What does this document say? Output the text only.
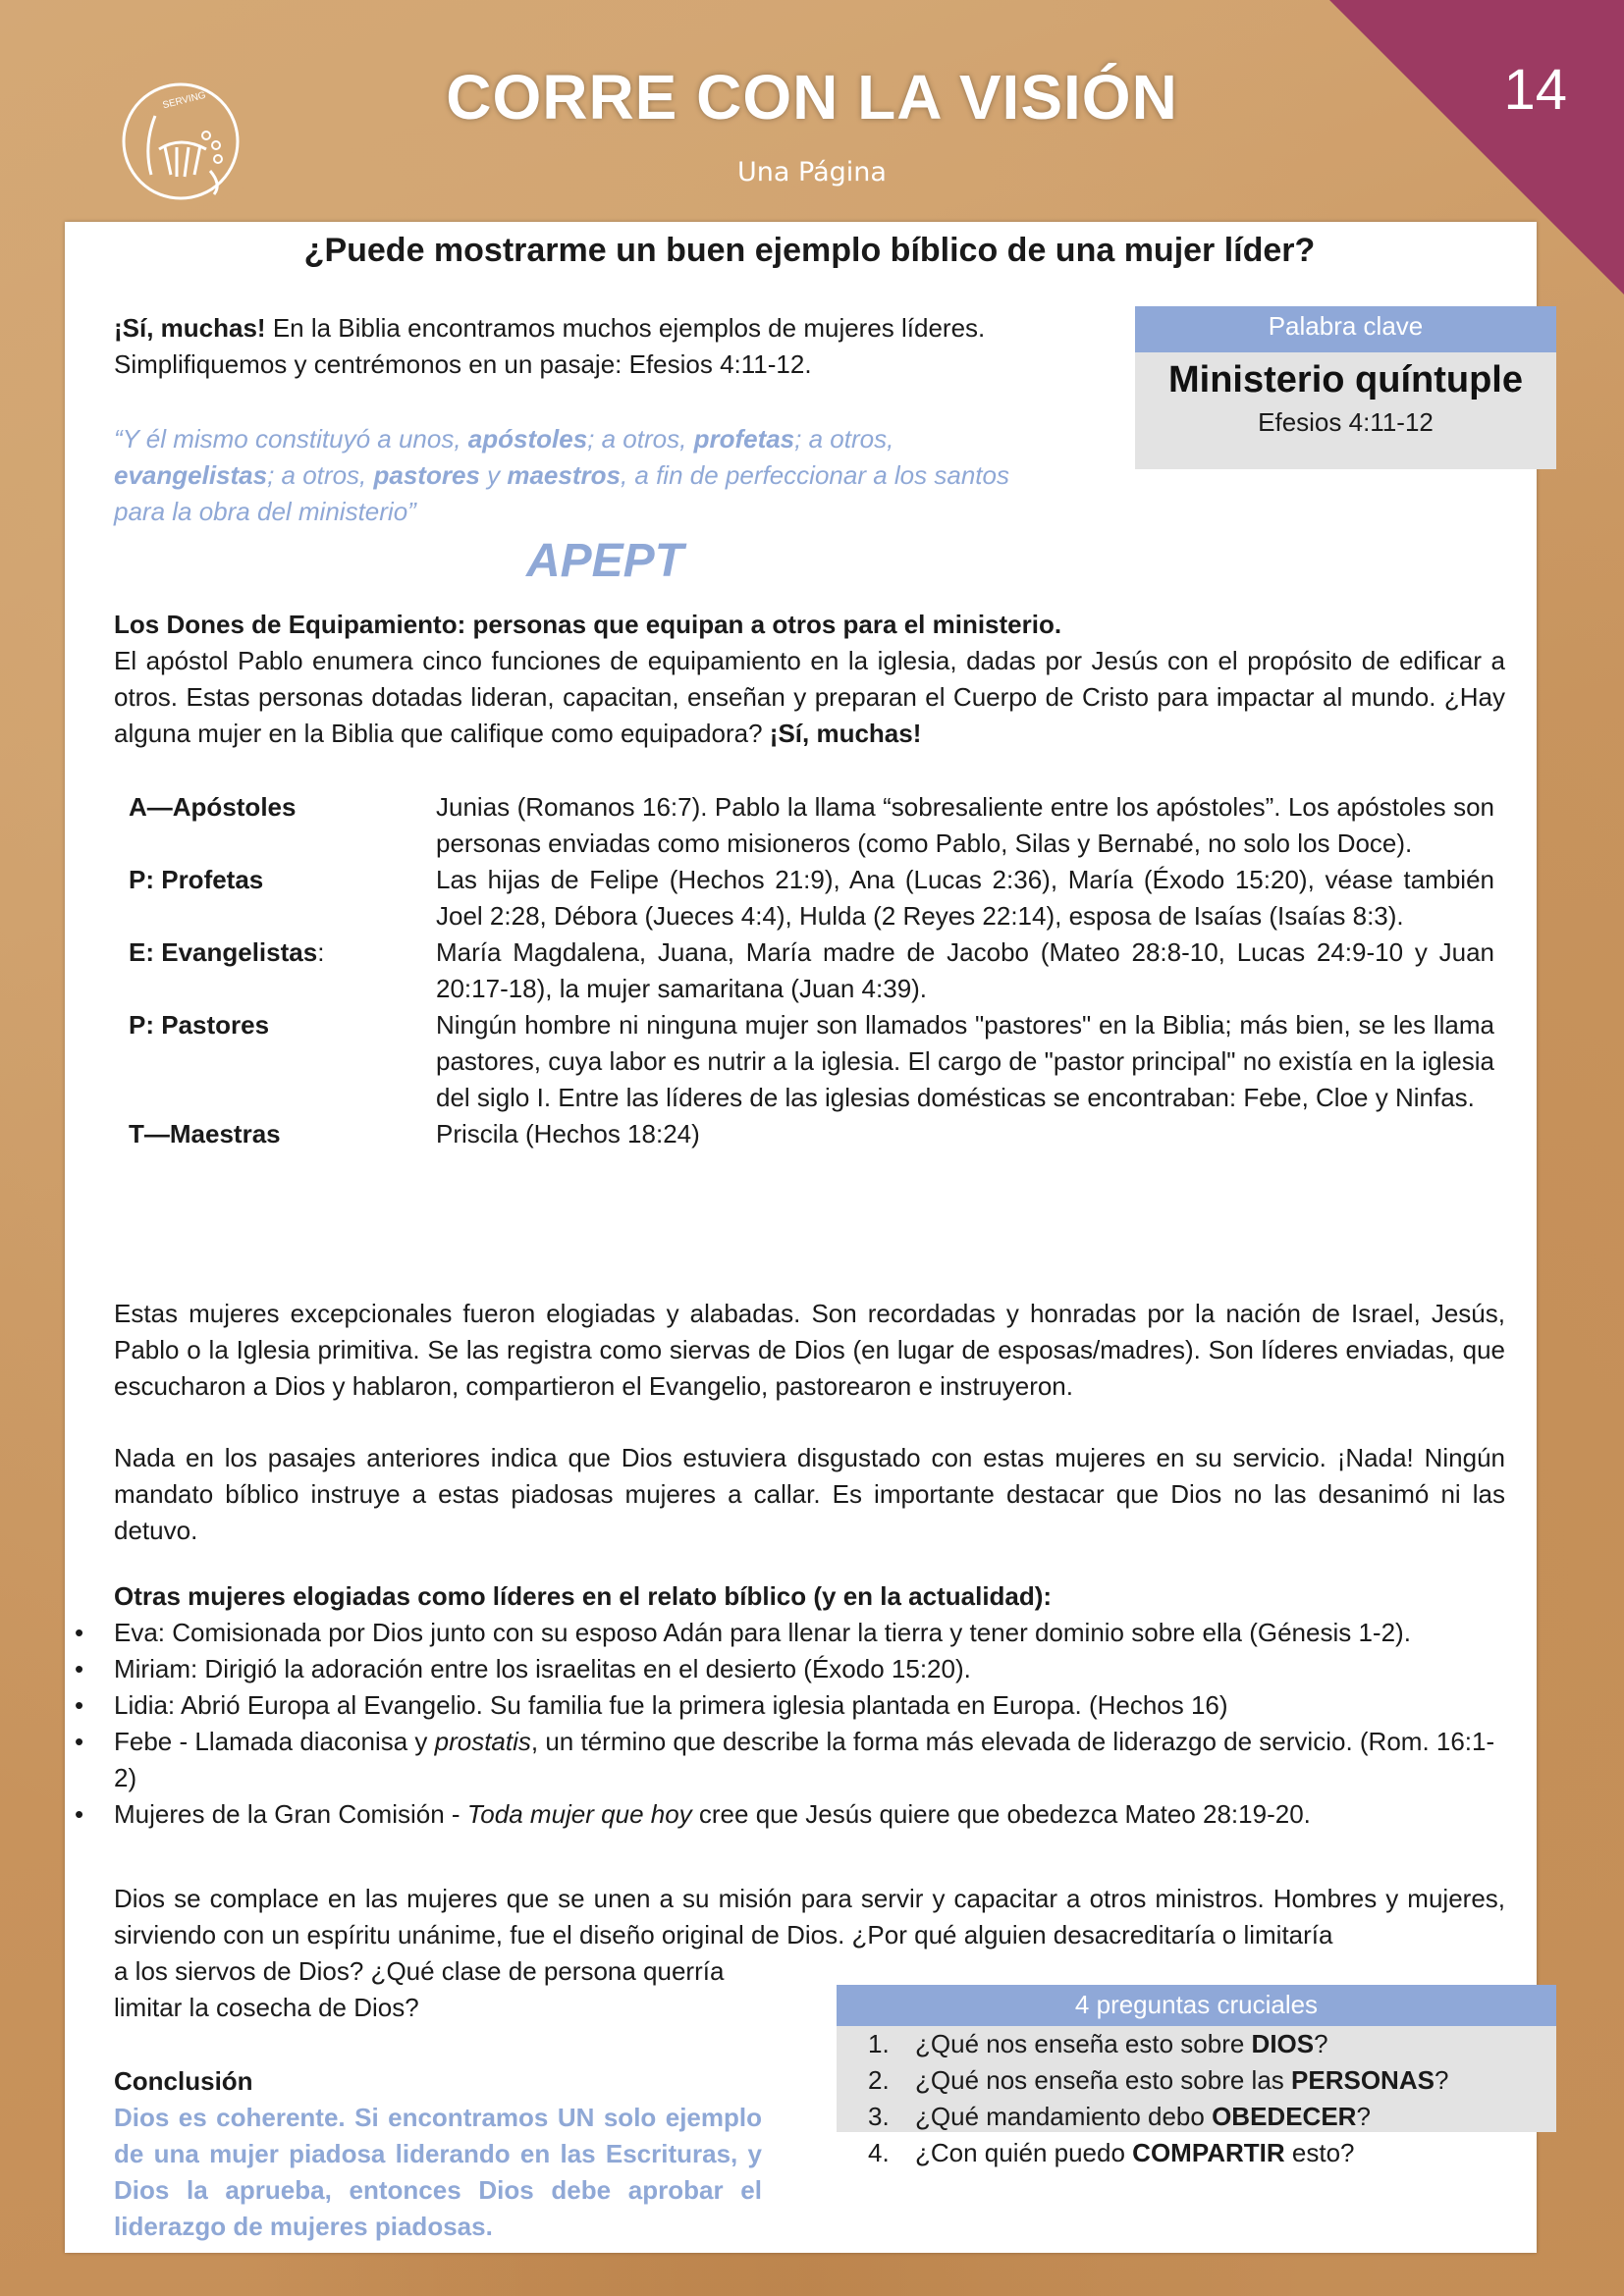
14
SERVING	CORRE CON LA VISIÓN
Una Página
¿Puede mostrarme un buen ejemplo bíblico de una mujer líder?
¡Sí, muchas! En la Biblia encontramos muchos ejemplos de mujeres líderes. Simplifiquemos y centrémonos en un pasaje: Efesios 4:11-12.
“Y él mismo constituyó a unos, apóstoles; a otros, profetas; a otros, evangelistas; a otros, pastores y maestros, a fin de perfeccionar a los santos para la obra del ministerio”
APEPT
Palabra clave
Ministerio quíntuple
Efesios 4:11-12

Los Dones de Equipamiento: personas que equipan a otros para el ministerio.

El apóstol Pablo enumera cinco funciones de equipamiento en la iglesia, dadas por Jesús con el propósito de edificar a otros. Estas personas dotadas lideran, capacitan, enseñan y preparan el Cuerpo de Cristo para impactar al mundo. ¿Hay alguna mujer en la Biblia que califique como equipadora? ¡Sí, muchas!

A—Apóstoles	Junias (Romanos 16:7). Pablo la llama “sobresaliente entre los apóstoles”. Los apóstoles son personas enviadas como misioneros (como Pablo, Silas y Bernabé, no solo los Doce).
P: Profetas	Las hijas de Felipe (Hechos 21:9), Ana (Lucas 2:36), María (Éxodo 15:20), véase también Joel 2:28, Débora (Jueces 4:4), Hulda (2 Reyes 22:14), esposa de Isaías (Isaías 8:3).
E: Evangelistas:	María Magdalena, Juana, María madre de Jacobo (Mateo 28:8-10, Lucas 24:9-10 y Juan 20:17-18), la mujer samaritana (Juan 4:39).
P: Pastores	Ningún hombre ni ninguna mujer son llamados "pastores" en la Biblia; más bien, se les llama pastores, cuya labor es nutrir a la iglesia. El cargo de "pastor principal" no existía en la iglesia del siglo I. Entre las líderes de las iglesias domésticas se encontraban: Febe, Cloe y Ninfas.
T—Maestras	Priscila (Hechos 18:24)

Estas mujeres excepcionales fueron elogiadas y alabadas. Son recordadas y honradas por la nación de Israel, Jesús, Pablo o la Iglesia primitiva. Se las registra como siervas de Dios (en lugar de esposas/madres). Son líderes enviadas, que escucharon a Dios y hablaron, compartieron el Evangelio, pastorearon e instruyeron.

Nada en los pasajes anteriores indica que Dios estuviera disgustado con estas mujeres en su servicio. ¡Nada! Ningún mandato bíblico instruye a estas piadosas mujeres a callar. Es importante destacar que Dios no las desanimó ni las detuvo.

Otras mujeres elogiadas como líderes en el relato bíblico (y en la actualidad):
• Eva: Comisionada por Dios junto con su esposo Adán para llenar la tierra y tener dominio sobre ella (Génesis 1-2).
• Miriam: Dirigió la adoración entre los israelitas en el desierto (Éxodo 15:20).
• Lidia: Abrió Europa al Evangelio. Su familia fue la primera iglesia plantada en Europa. (Hechos 16)
• Febe - Llamada diaconisa y prostatis, un término que describe la forma más elevada de liderazgo de servicio. (Rom. 16:1-2)
• Mujeres de la Gran Comisión - Toda mujer que hoy cree que Jesús quiere que obedezca Mateo 28:19-20.
Dios se complace en las mujeres que se unen a su misión para servir y capacitar a otros ministros. Hombres y mujeres, sirviendo con un espíritu unánime, fue el diseño original de Dios. ¿Por qué alguien desacreditaría o limitaría
a los siervos de Dios? ¿Qué clase de persona querría limitar la cosecha de Dios?
Conclusión
Dios es coherente. Si encontramos UN solo ejemplo de una mujer piadosa liderando en las Escrituras, y Dios la aprueba, entonces Dios debe aprobar el liderazgo de mujeres piadosas.
4 preguntas cruciales
1. ¿Qué nos enseña esto sobre DIOS?
2. ¿Qué nos enseña esto sobre las PERSONAS?
3. ¿Qué mandamiento debo OBEDECER?
4. ¿Con quién puedo COMPARTIR esto?
